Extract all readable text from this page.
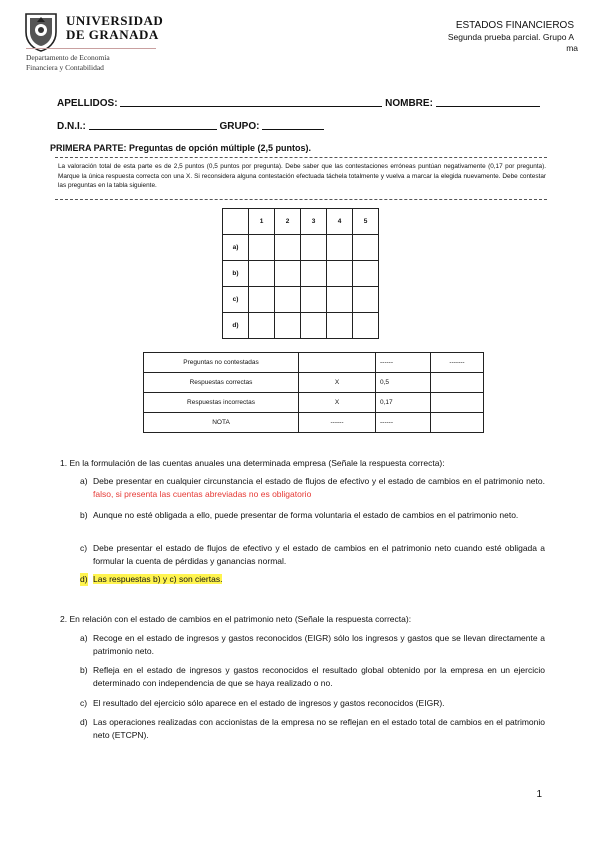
UNIVERSIDAD
DE GRANADA
Departamento de Economía
Financiera y Contabilidad
ESTADOS FINANCIEROS
Segunda prueba parcial. Grupo A
ma
APELLIDOS:	NOMBRE:
D.N.I.:	GRUPO:
PRIMERA PARTE: Preguntas de opción múltiple (2,5 puntos).
La valoración total de esta parte es de 2,5 puntos (0,5 puntos por pregunta). Debe saber que las contestaciones erróneas puntúan negativamente (0,17 por pregunta). Marque la única respuesta correcta con una X. Si reconsidera alguna contestación efectuada táchela totalmente y vuelva a marcar la elegida nuevamente. Debe contestar las preguntas en la tabla siguiente.
	1	2	3	4	5
a)					
b)					
c)					
d)					
Preguntas no contestadas		------	-------
Respuestas correctas	X	0,5	
Respuestas incorrectas	X	0,17	
NOTA	------	------	
1. En la formulación de las cuentas anuales una determinada empresa (Señale la respuesta correcta):
a) Debe presentar en cualquier circunstancia el estado de flujos de efectivo y el estado de cambios en el patrimonio neto. falso, si presenta las cuentas abreviadas no es obligatorio
b) Aunque no esté obligada a ello, puede presentar de forma voluntaria el estado de cambios en el patrimonio neto.
c) Debe presentar el estado de flujos de efectivo y el estado de cambios en el patrimonio neto cuando esté obligada a formular la cuenta de pérdidas y ganancias normal.
d) Las respuestas b) y c) son ciertas.
2. En relación con el estado de cambios en el patrimonio neto (Señale la respuesta correcta):
a) Recoge en el estado de ingresos y gastos reconocidos (EIGR) sólo los ingresos y gastos que se llevan directamente a patrimonio neto.
b) Refleja en el estado de ingresos y gastos reconocidos el resultado global obtenido por la empresa en un ejercicio determinado con independencia de que se haya realizado o no.
c) El resultado del ejercicio sólo aparece en el estado de ingresos y gastos reconocidos (EIGR).
d) Las operaciones realizadas con accionistas de la empresa no se reflejan en el estado total de cambios en el patrimonio neto (ETCPN).
1
